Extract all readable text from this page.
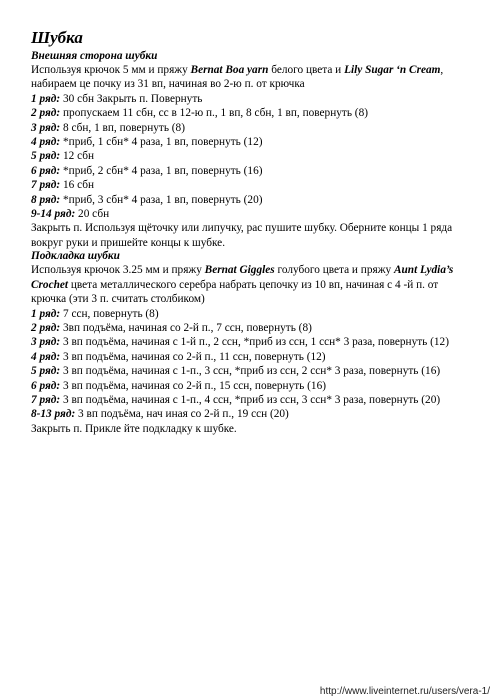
Шубка
Внешняя сторона шубки

Используя крючок 5 мм и пряжу Bernat Boa yarn белого цвета и Lily Sugar ‘n Cream, набираем це почку из 31 вп, начиная во 2-ю п. от крючка

1 ряд: 30 сбн Закрыть п. Повернуть
2 ряд: пропускаем 11 сбн, сс в 12-ю п., 1 вп, 8 сбн, 1 вп, повернуть (8)
3 ряд: 8 сбн, 1 вп, повернуть (8)
4 ряд: *приб, 1 сбн* 4 раза, 1 вп, повернуть (12)
5 ряд: 12 сбн
6 ряд: *приб, 2 сбн* 4 раза, 1 вп, повернуть (16)
7 ряд: 16 сбн
8 ряд: *приб, 3 сбн* 4 раза, 1 вп, повернуть (20)
9-14 ряд: 20 сбн

Закрыть п. Используя щёточку или липучку, рас пушите шубку. Оберните концы 1 ряда вокруг руки и пришейте концы к шубке.

Подкладка шубки

Используя крючок 3.25 мм и пряжу Bernat Giggles голубого цвета и пряжу Aunt Lydia’s Crochet цвета металлического серебра набрать цепочку из 10 вп, начиная с 4 -й п. от крючка (эти 3 п. считать столбиком)

1 ряд: 7 ссн, повернуть (8)
2 ряд: 3вп подъёма, начиная со 2-й п., 7 ссн, повернуть (8)
3 ряд: 3 вп подъёма, начиная с 1-й п., 2 ссн, *приб из ссн, 1 ссн* 3 раза, повернуть (12)
4 ряд: 3 вп подъёма, начиная со 2-й п., 11 ссн, повернуть (12)
5 ряд: 3 вп подъёма, начиная с 1-п., 3 ссн, *приб из ссн, 2 ссн* 3 раза, повернуть (16)
6 ряд: 3 вп подъёма, начиная со 2-й п., 15 ссн, повернуть (16)
7 ряд: 3 вп подъёма, начиная с 1-п., 4 ссн, *приб из ссн, 3 ссн* 3 раза, повернуть (20)
8-13 ряд: 3 вп подъёма, нач иная со 2-й п., 19 ссн (20)

Закрыть п. Прикле йте подкладку к шубке.

http://www.liveinternet.ru/users/vera-1/
